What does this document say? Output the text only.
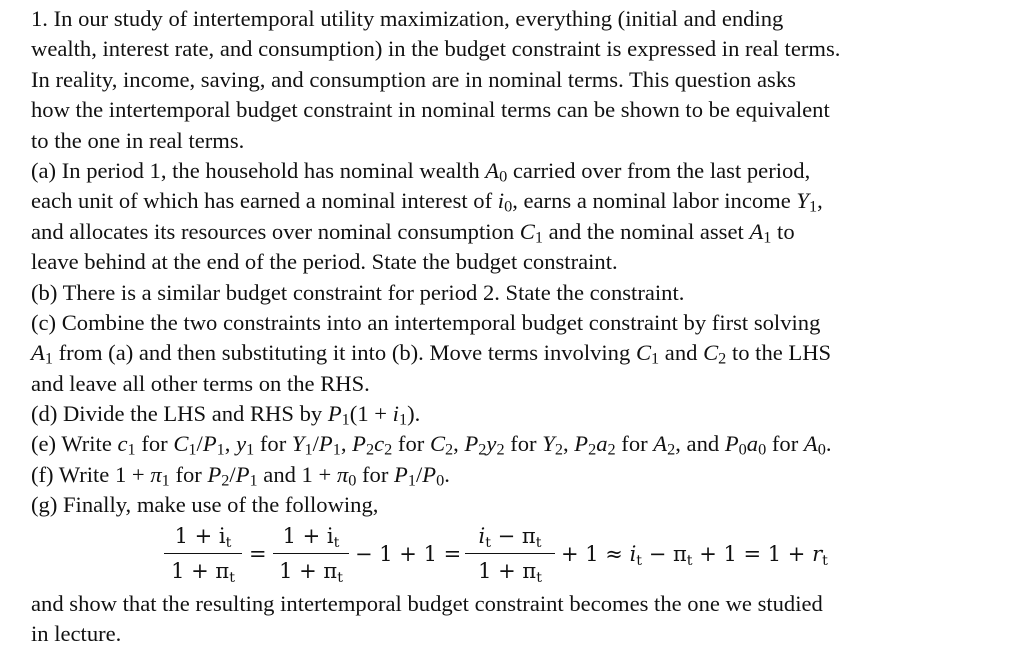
1. In our study of intertemporal utility maximization, everything (initial and ending
wealth, interest rate, and consumption) in the budget constraint is expressed in real terms.
In reality, income, saving, and consumption are in nominal terms. This question asks
how the intertemporal budget constraint in nominal terms can be shown to be equivalent
to the one in real terms.
(a) In period 1, the household has nominal wealth $A_0$ carried over from the last period,
each unit of which has earned a nominal interest of $i_0$, earns a nominal labor income $Y_1$,
and allocates its resources over nominal consumption $C_1$ and the nominal asset $A_1$ to
leave behind at the end of the period. State the budget constraint.
(b) There is a similar budget constraint for period 2. State the constraint.
(c) Combine the two constraints into an intertemporal budget constraint by first solving
$A_1$ from (a) and then substituting it into (b). Move terms involving $C_1$ and $C_2$ to the LHS
and leave all other terms on the RHS.
(d) Divide the LHS and RHS by $P_1(1 + i_1)$.
(e) Write $c_1$ for $C_1/P_1$, $y_1$ for $Y_1/P_1$, $P_2c_2$ for $C_2$, $P_2y_2$ for $Y_2$, $P_2a_2$ for $A_2$, and $P_0a_0$ for $A_0$.
(f) Write $1 + \pi_1$ for $P_2/P_1$ and $1 + \pi_0$ for $P_1/P_0$.
(g) Finally, make use of the following,
$1 + i_t$
$1 + \pi_t$
=
$1 + i_t$
$1 + \pi_t$
− 1 + 1 =
$i_t - \pi_t$
$1 + \pi_t$
+ $1 \approx i_t - \pi_t + 1 = 1 + r_t$
and show that the resulting intertemporal budget constraint becomes the one we studied
in lecture.
